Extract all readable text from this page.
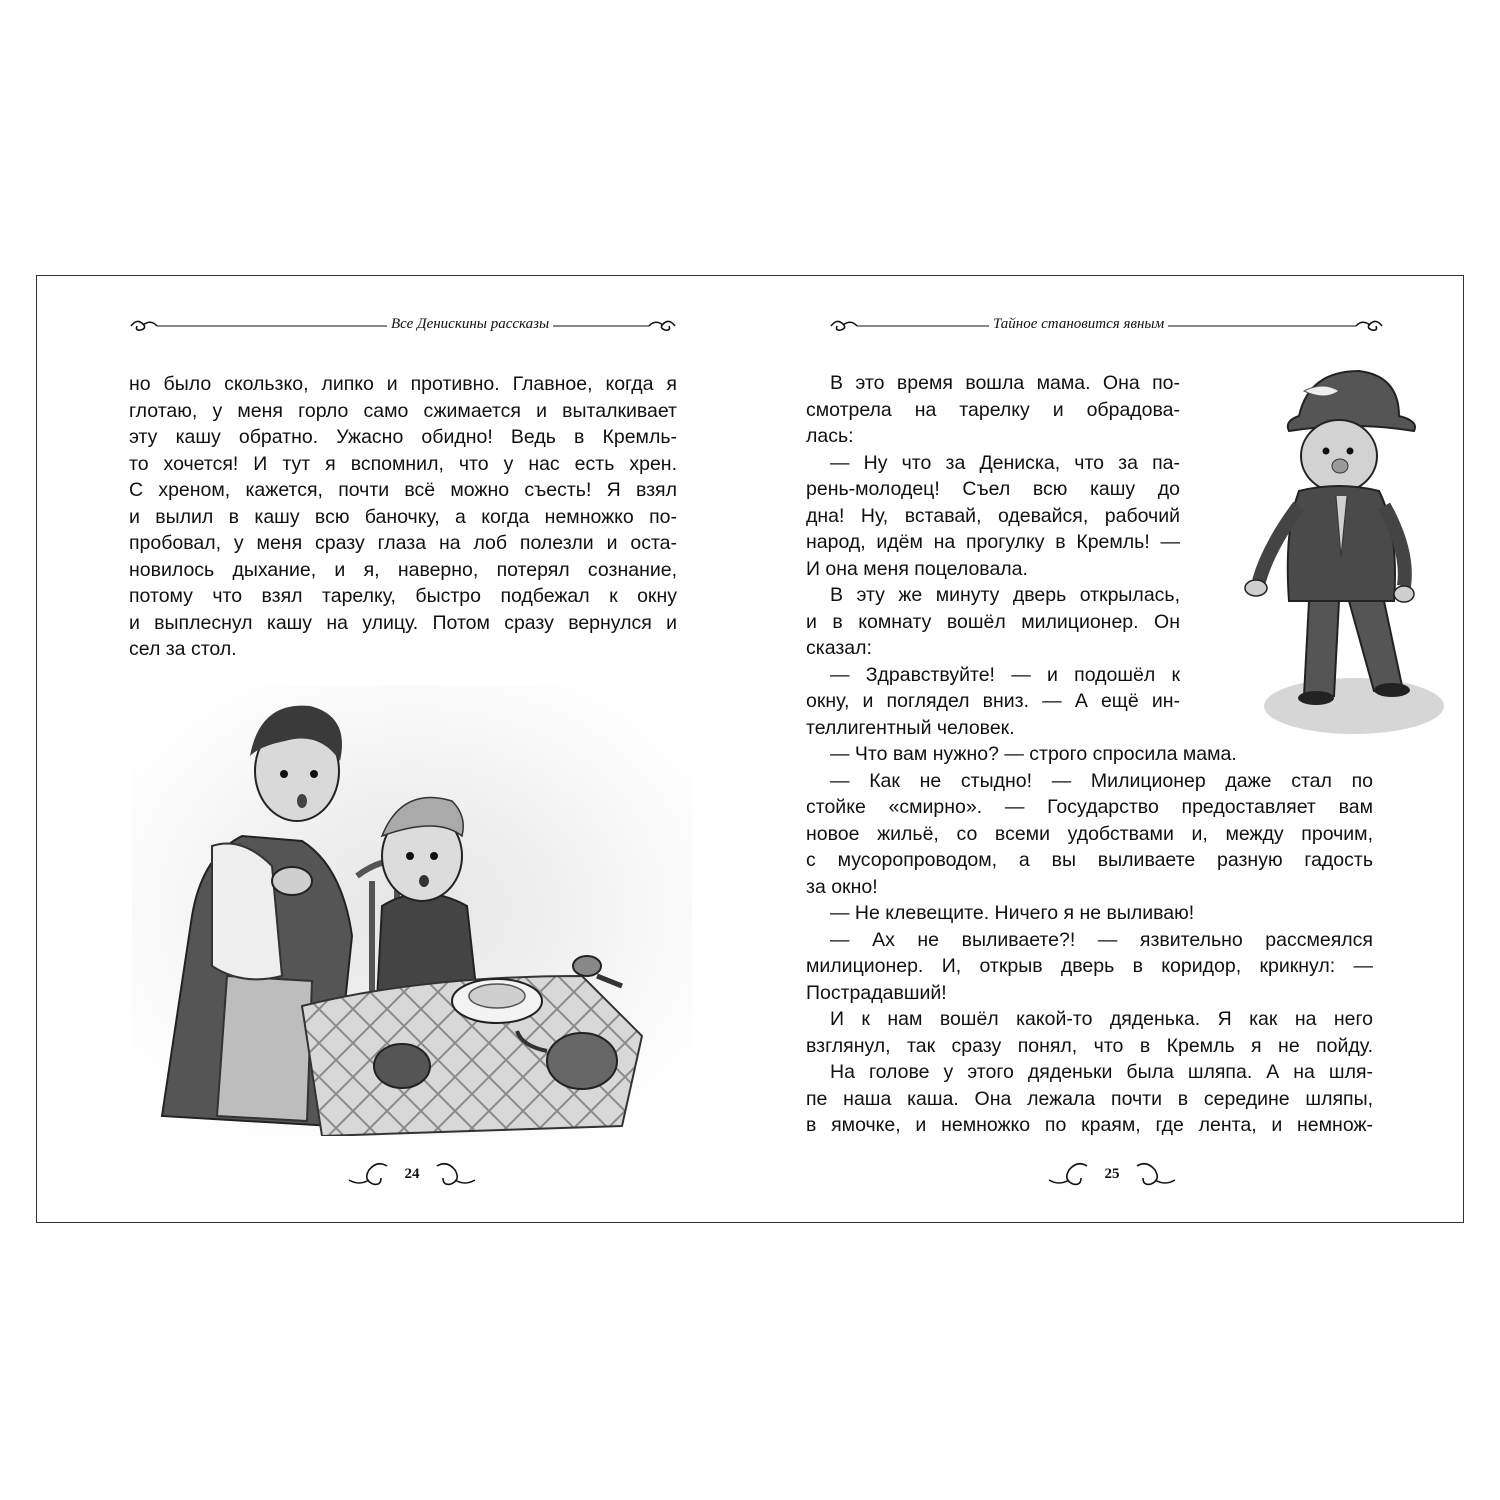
Все Денискины рассказы
но было скользко, липко и противно. Главное, когда я
глотаю, у меня горло само сжимается и выталкивает
эту кашу обратно. Ужасно обидно! Ведь в Кремль-
то хочется! И тут я вспомнил, что у нас есть хрен.
С хреном, кажется, почти всё можно съесть! Я взял
и вылил в кашу всю баночку, а когда немножко по-
пробовал, у меня сразу глаза на лоб полезли и оста-
новилось дыхание, и я, наверно, потерял сознание,
потому что взял тарелку, быстро подбежал к окну
и выплеснул кашу на улицу. Потом сразу вернулся и
сел за стол.
24
Тайное становится явным
25
В это время вошла мама. Она по-
смотрела на тарелку и обрадова-
лась:
— Ну что за Дениска, что за па-
рень-молодец! Съел всю кашу до
дна! Ну, вставай, одевайся, рабочий
народ, идём на прогулку в Кремль! —
И она меня поцеловала.
В эту же минуту дверь открылась,
и в комнату вошёл милиционер. Он
сказал:
— Здравствуйте! — и подошёл к
окну, и поглядел вниз. — А ещё ин-
теллигентный человек.
— Что вам нужно? — строго спросила мама.
— Как не стыдно! — Милиционер даже стал по
стойке «смирно». — Государство предоставляет вам
новое жильё, со всеми удобствами и, между прочим,
с мусоропроводом, а вы выливаете разную гадость
за окно!
— Не клевещите. Ничего я не выливаю!
— Ах не выливаете?! — язвительно рассмеялся
милиционер. И, открыв дверь в коридор, крикнул: —
Пострадавший!
И к нам вошёл какой-то дяденька. Я как на него
взглянул, так сразу понял, что в Кремль я не пойду.
На голове у этого дяденьки была шляпа. А на шля-
пе наша каша. Она лежала почти в середине шляпы,
в ямочке, и немножко по краям, где лента, и немнож-
